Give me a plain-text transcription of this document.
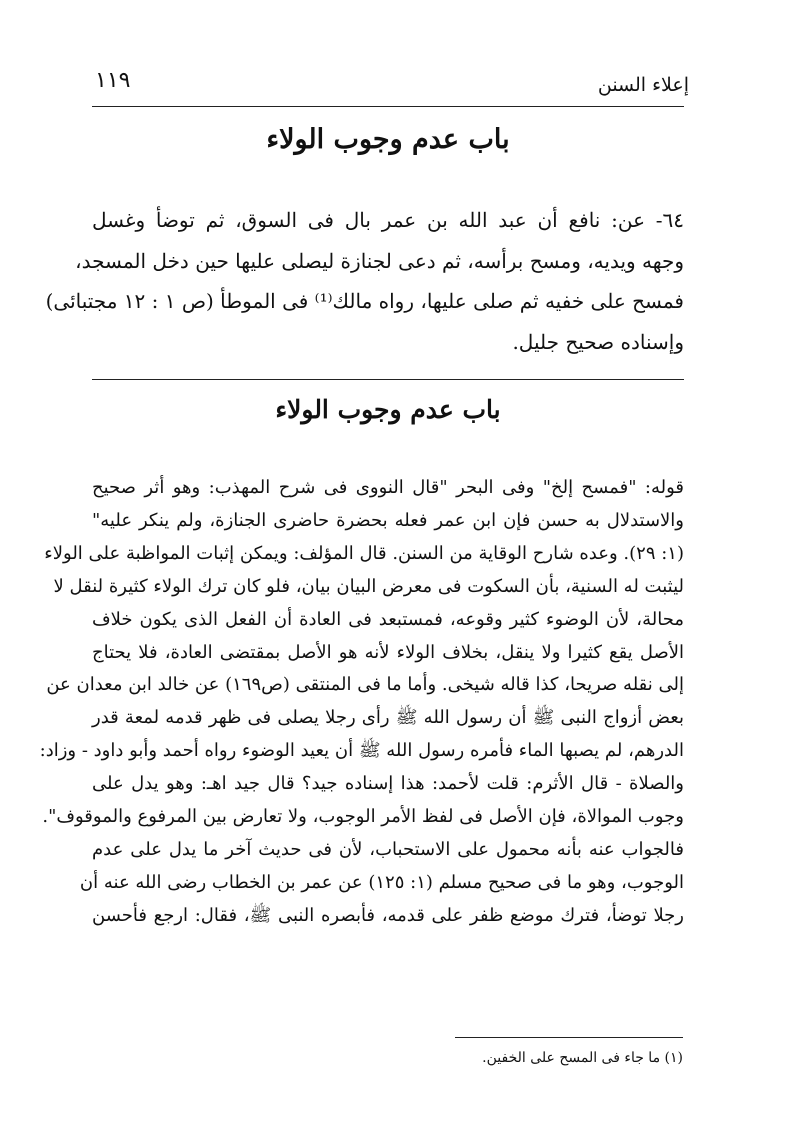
إعلاء السنن
١١٩
باب عدم وجوب الولاء
٦٤- عن: نافع أن عبد الله بن عمر بال فى السوق، ثم توضأ وغسل
وجهه ويديه، ومسح برأسه، ثم دعى لجنازة ليصلى عليها حين دخل المسجد،
فمسح على خفيه ثم صلى عليها، رواه مالك⁽¹⁾ فى الموطأ (ص ١ : ١٢ مجتبائى)
وإسناده صحيح جليل.
باب عدم وجوب الولاء
قوله: "فمسح إلخ" وفى البحر "قال النووى فى شرح المهذب: وهو أثر صحيح
والاستدلال به حسن فإن ابن عمر فعله بحضرة حاضرى الجنازة، ولم ينكر عليه"
(١: ٢٩). وعده شارح الوقاية من السنن. قال المؤلف: ويمكن إثبات المواظبة على الولاء
ليثبت له السنية، بأن السكوت فى معرض البيان بيان، فلو كان ترك الولاء كثيرة لنقل لا
محالة، لأن الوضوء كثير وقوعه، فمستبعد فى العادة أن الفعل الذى يكون خلاف
الأصل يقع كثيرا ولا ينقل، بخلاف الولاء لأنه هو الأصل بمقتضى العادة، فلا يحتاج
إلى نقله صريحا، كذا قاله شيخى. وأما ما فى المنتقى (ص١٦٩) عن خالد ابن معدان عن
بعض أزواج النبى ﷺ أن رسول الله ﷺ رأى رجلا يصلى فى ظهر قدمه لمعة قدر
الدرهم، لم يصبها الماء فأمره رسول الله ﷺ أن يعيد الوضوء رواه أحمد وأبو داود - وزاد:
والصلاة - قال الأثرم: قلت لأحمد: هذا إسناده جيد؟ قال جيد اهـ: وهو يدل على
وجوب الموالاة، فإن الأصل فى لفظ الأمر الوجوب، ولا تعارض بين المرفوع والموقوف".
فالجواب عنه بأنه محمول على الاستحباب، لأن فى حديث آخر ما يدل على عدم
الوجوب، وهو ما فى صحيح مسلم (١: ١٢٥) عن عمر بن الخطاب رضى الله عنه أن
رجلا توضأ، فترك موضع ظفر على قدمه، فأبصره النبى ﷺ، فقال: ارجع فأحسن
(١) ما جاء فى المسح على الخفين.
